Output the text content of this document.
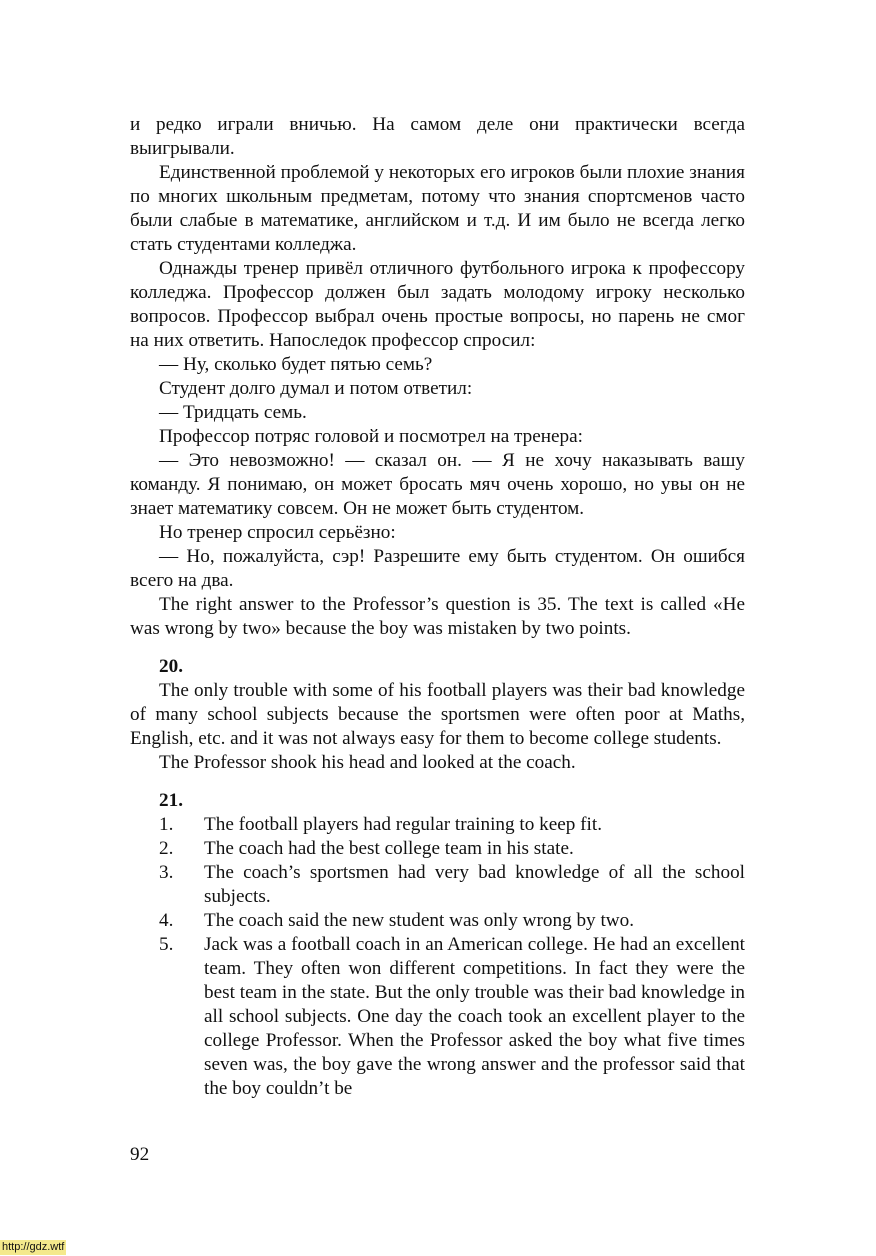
и редко играли вничью. На самом деле они практически всегда выигрывали.

Единственной проблемой у некоторых его игроков были плохие знания по многих школьным предметам, потому что знания спортсменов часто были слабые в математике, английском и т.д. И им было не всегда легко стать студентами колледжа.

Однажды тренер привёл отличного футбольного игрока к профессору колледжа. Профессор должен был задать молодому игроку несколько вопросов. Профессор выбрал очень простые вопросы, но парень не смог на них ответить. Напоследок профессор спросил:

— Ну, сколько будет пятью семь?

Студент долго думал и потом ответил:

— Тридцать семь.

Профессор потряс головой и посмотрел на тренера:

— Это невозможно! — сказал он. — Я не хочу наказывать вашу команду. Я понимаю, он может бросать мяч очень хорошо, но увы он не знает математику совсем. Он не может быть студентом.

Но тренер спросил серьёзно:

— Но, пожалуйста, сэр! Разрешите ему быть студентом. Он ошибся всего на два.

The right answer to the Professor’s question is 35. The text is called «He was wrong by two» because the boy was mistaken by two points.

20.

The only trouble with some of his football players was their bad knowledge of many school subjects because the sportsmen were often poor at Maths, English, etc. and it was not always easy for them to become college students.

The Professor shook his head and looked at the coach.

21.
1.	The football players had regular training to keep fit.
2.	The coach had the best college team in his state.
3.	The coach’s sportsmen had very bad knowledge of all the school subjects.
4.	The coach said the new student was only wrong by two.
5.	Jack was a football coach in an American college. He had an excellent team. They often won different competitions. In fact they were the best team in the state. But the only trouble was their bad knowledge in all school subjects. One day the coach took an excellent player to the college Professor. When the Professor asked the boy what five times seven was, the boy gave the wrong answer and the professor said that the boy couldn’t be
92
http://gdz.wtf
